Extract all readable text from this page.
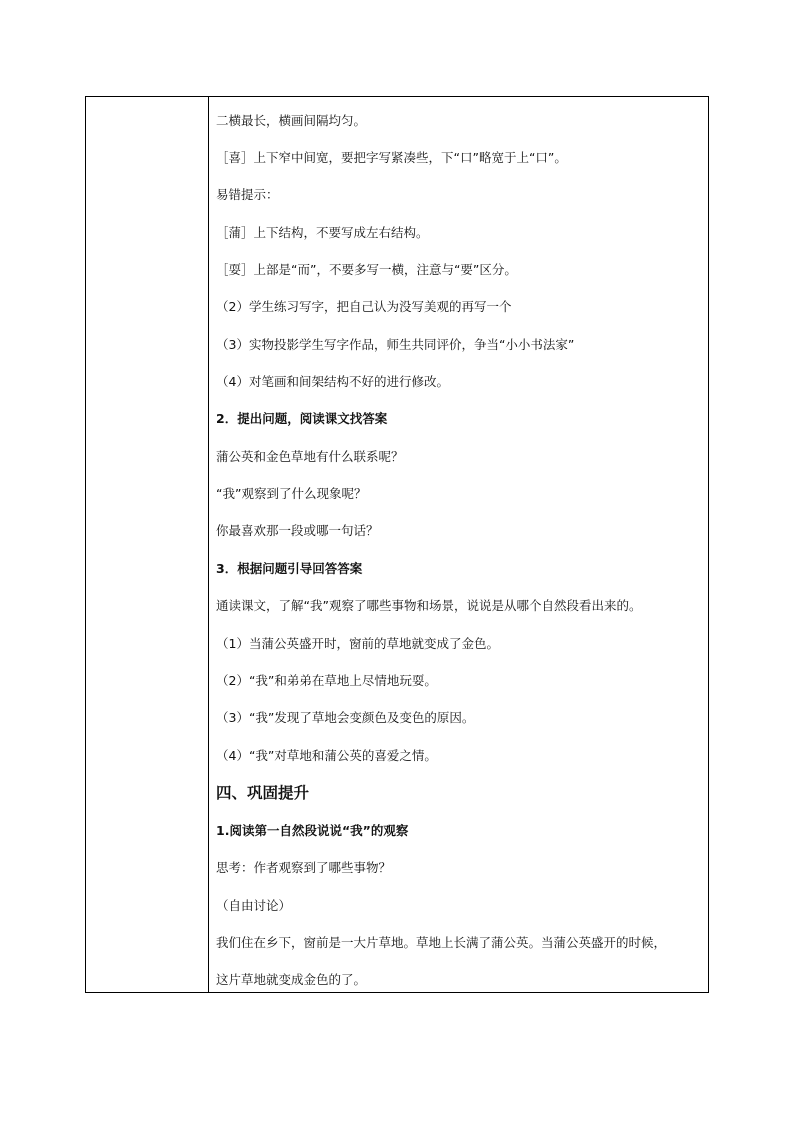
二横最长，横画间隔均匀。
［喜］上下窄中间宽，要把字写紧凑些，下“口”略宽于上“口”。
易错提示：
［蒲］上下结构，不要写成左右结构。
［耍］上部是“而”，不要多写一横，注意与“要”区分。
（2）学生练习写字，把自己认为没写美观的再写一个
（3）实物投影学生写字作品，师生共同评价，争当“小小书法家”
（4）对笔画和间架结构不好的进行修改。
2．提出问题，阅读课文找答案
蒲公英和金色草地有什么联系呢？
“我”观察到了什么现象呢？
你最喜欢那一段或哪一句话？
3．根据问题引导回答答案
通读课文，了解“我”观察了哪些事物和场景，说说是从哪个自然段看出来的。
（1）当蒲公英盛开时，窗前的草地就变成了金色。
（2）“我”和弟弟在草地上尽情地玩耍。
（3）“我”发现了草地会变颜色及变色的原因。
（4）“我”对草地和蒲公英的喜爱之情。
四、巩固提升
1.阅读第一自然段说说“我”的观察
思考：作者观察到了哪些事物？
（自由讨论）
我们住在乡下，窗前是一大片草地。草地上长满了蒲公英。当蒲公英盛开的时候，
这片草地就变成金色的了。
